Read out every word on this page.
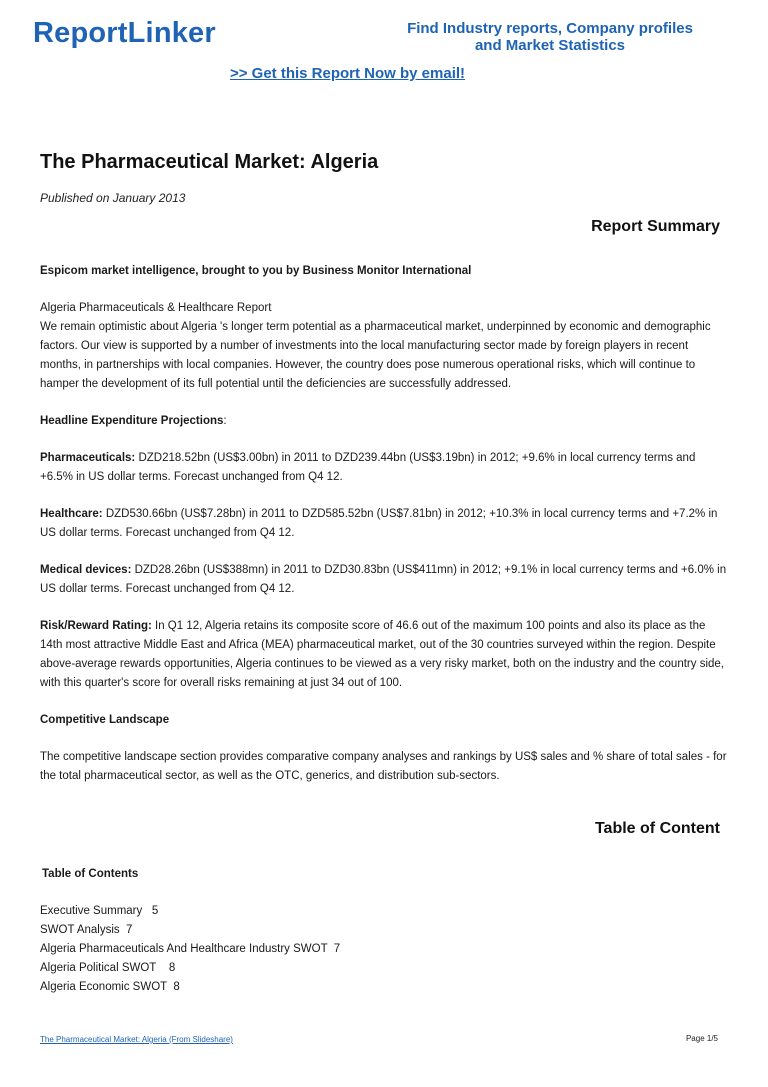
ReportLinker	Find Industry reports, Company profiles
and Market Statistics
>> Get this Report Now by email!
The Pharmaceutical Market: Algeria
Published on January 2013
Report Summary

Espicom market intelligence, brought to you by Business Monitor International

Algeria Pharmaceuticals & Healthcare Report
We remain optimistic about Algeria 's longer term potential as a pharmaceutical market, underpinned by economic and demographic factors. Our view is supported by a number of investments into the local manufacturing sector made by foreign players in recent months, in partnerships with local companies. However, the country does pose numerous operational risks, which will continue to hamper the development of its full potential until the deficiencies are successfully addressed.

Headline Expenditure Projections:

Pharmaceuticals: DZD218.52bn (US$3.00bn) in 2011 to DZD239.44bn (US$3.19bn) in 2012; +9.6% in local currency terms and +6.5% in US dollar terms. Forecast unchanged from Q4 12.

Healthcare: DZD530.66bn (US$7.28bn) in 2011 to DZD585.52bn (US$7.81bn) in 2012; +10.3% in local currency terms and +7.2% in US dollar terms. Forecast unchanged from Q4 12.

Medical devices: DZD28.26bn (US$388mn) in 2011 to DZD30.83bn (US$411mn) in 2012; +9.1% in local currency terms and +6.0% in US dollar terms. Forecast unchanged from Q4 12.

Risk/Reward Rating: In Q1 12, Algeria retains its composite score of 46.6 out of the maximum 100 points and also its place as the 14th most attractive Middle East and Africa (MEA) pharmaceutical market, out of the 30 countries surveyed within the region. Despite above-average rewards opportunities, Algeria continues to be viewed as a very risky market, both on the industry and the country side, with this quarter's score for overall risks remaining at just 34 out of 100.

Competitive Landscape

The competitive landscape section provides comparative company analyses and rankings by US$ sales and % share of total sales - for the total pharmaceutical sector, as well as the OTC, generics, and distribution sub-sectors.

Table of Content
Table of Contents
Executive Summary   5
SWOT Analysis  7
Algeria Pharmaceuticals And Healthcare Industry SWOT  7
Algeria Political SWOT    8
Algeria Economic SWOT  8
The Pharmaceutical Market: Algeria (From Slideshare)	Page 1/5
